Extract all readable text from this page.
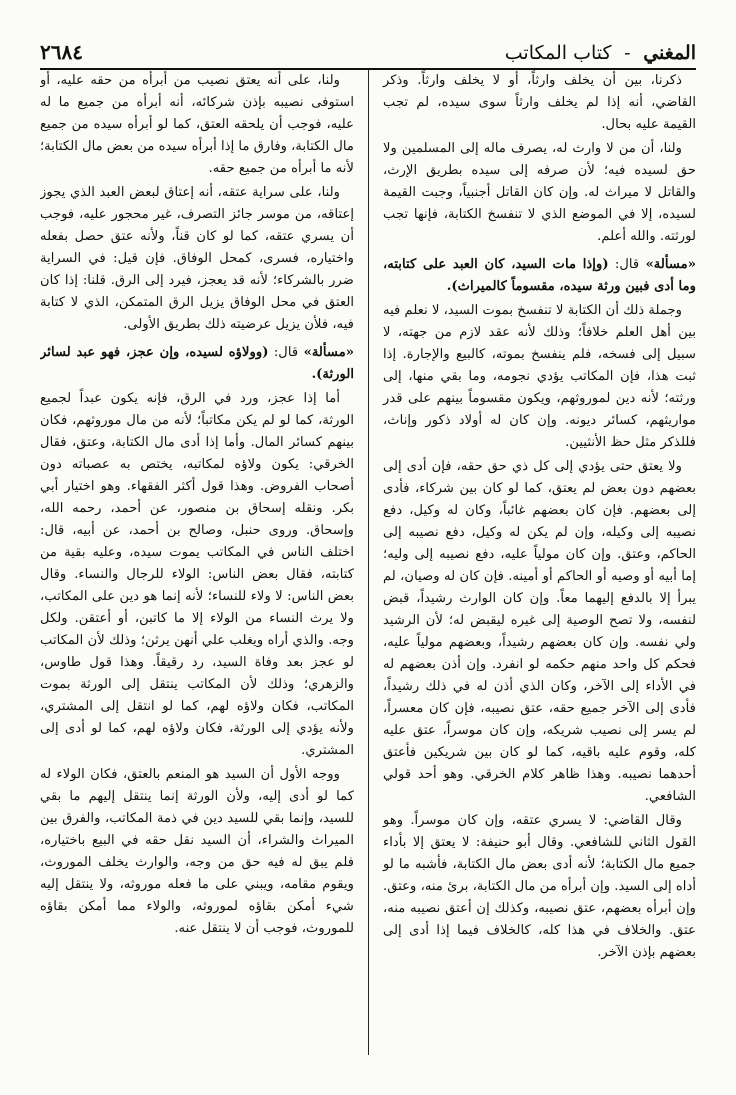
٢٦٨٤	المغني - كتاب المكاتب

ذكرنا، بين أن يخلف وارثاً، أو لا يخلف وارثاً. وذكر القاضي، أنه إذا لم يخلف وارثاً سوى سيده، لم تجب القيمة عليه بحال.

ولنا، أن من لا وارث له، يصرف ماله إلى المسلمين ولا حق لسيده فيه؛ لأن صرفه إلى سيده بطريق الإرث، والقاتل لا ميراث له. وإن كان القاتل أجنبياً، وجبت القيمة لسيده، إلا في الموضع الذي لا تنفسخ الكتابة، فإنها تجب لورثته. والله أعلم.

«مسألة» قال: (وإذا مات السيد، كان العبد على كتابته، وما أدى فبين ورثة سيده، مقسوماً كالميراث).

وجملة ذلك أن الكتابة لا تنفسخ بموت السيد، لا نعلم فيه بين أهل العلم خلافاً؛ وذلك لأنه عقد لازم من جهته، لا سبيل إلى فسخه، فلم ينفسخ بموته، كالبيع والإجارة. إذا ثبت هذا، فإن المكاتب يؤدي نجومه، وما بقي منها، إلى ورثته؛ لأنه دين لموروثهم، ويكون مقسوماً بينهم على قدر مواريثهم، كسائر ديونه. وإن كان له أولاد ذكور وإناث، فللذكر مثل حظ الأنثيين.

ولا يعتق حتى يؤدي إلى كل ذي حق حقه، فإن أدى إلى بعضهم دون بعض لم يعتق، كما لو كان بين شركاء، فأدى إلى بعضهم. فإن كان بعضهم غائباً، وكان له وكيل، دفع نصيبه إلى وكيله، وإن لم يكن له وكيل، دفع نصيبه إلى الحاكم، وعتق. وإن كان مولياً عليه، دفع نصيبه إلى وليه؛ إما أبيه أو وصيه أو الحاكم أو أمينه. فإن كان له وصيان، لم يبرأ إلا بالدفع إليهما معاً. وإن كان الوارث رشيداً، قبض لنفسه، ولا تصح الوصية إلى غيره ليقبض له؛ لأن الرشيد ولي نفسه. وإن كان بعضهم رشيداً، وبعضهم مولياً عليه، فحكم كل واحد منهم حكمه لو انفرد. وإن أذن بعضهم له في الأداء إلى الآخر، وكان الذي أذن له في ذلك رشيداً، فأدى إلى الآخر جميع حقه، عتق نصيبه، فإن كان معسراً، لم يسر إلى نصيب شريكه، وإن كان موسراً، عتق عليه كله، وقوم عليه باقيه، كما لو كان بين شريكين فأعتق أحدهما نصيبه. وهذا ظاهر كلام الخرقي. وهو أحد قولي الشافعي.

وقال القاضي: لا يسري عتقه، وإن كان موسراً. وهو القول الثاني للشافعي. وقال أبو حنيفة: لا يعتق إلا بأداء جميع مال الكتابة؛ لأنه أدى بعض مال الكتابة، فأشبه ما لو أداه إلى السيد. وإن أبرأه من مال الكتابة، برئ منه، وعتق. وإن أبرأه بعضهم، عتق نصيبه، وكذلك إن أعتق نصيبه منه، عتق. والخلاف في هذا كله، كالخلاف فيما إذا أدى إلى بعضهم بإذن الآخر.

ولنا، على أنه يعتق نصيب من أبرأه من حقه عليه، أو استوفى نصيبه بإذن شركائه، أنه أبرأه من جميع ما له عليه، فوجب أن يلحقه العتق، كما لو أبرأه سيده من جميع مال الكتابة، وفارق ما إذا أبرأه سيده من بعض مال الكتابة؛ لأنه ما أبرأه من جميع حقه.

ولنا، على سراية عتقه، أنه إعتاق لبعض العبد الذي يجوز إعتاقه، من موسر جائز التصرف، غير محجور عليه، فوجب أن يسري عتقه، كما لو كان قناً، ولأنه عتق حصل بفعله واختياره، فسرى، كمحل الوفاق. فإن قيل: في السراية ضرر بالشركاء؛ لأنه قد يعجز، فيرد إلى الرق. قلنا: إذا كان العتق في محل الوفاق يزيل الرق المتمكن، الذي لا كتابة فيه، فلأن يزيل عرضيته ذلك بطريق الأولى.

«مسألة» قال: (وولاؤه لسيده، وإن عجز، فهو عبد لسائر الورثة).

أما إذا عجز، ورد في الرق، فإنه يكون عبداً لجميع الورثة، كما لو لم يكن مكاتباً؛ لأنه من مال موروثهم، فكان بينهم كسائر المال. وأما إذا أدى مال الكتابة، وعتق، فقال الخرقي: يكون ولاؤه لمكاتبه، يختص به عصباته دون أصحاب الفروض. وهذا قول أكثر الفقهاء. وهو اختيار أبي بكر. ونقله إسحاق بن منصور، عن أحمد، رحمه الله، وإسحاق. وروى حنبل، وصالح بن أحمد، عن أبيه، قال: اختلف الناس في المكاتب يموت سيده، وعليه بقية من كتابته، فقال بعض الناس: الولاء للرجال والنساء. وقال بعض الناس: لا ولاء للنساء؛ لأنه إنما هو دين على المكاتب، ولا يرث النساء من الولاء إلا ما كاتبن، أو أعتقن. ولكل وجه. والذي أراه ويغلب علي أنهن يرثن؛ وذلك لأن المكاتب لو عجز بعد وفاة السيد، رد رقيقاً. وهذا قول طاوس، والزهري؛ وذلك لأن المكاتب ينتقل إلى الورثة بموت المكاتب، فكان ولاؤه لهم، كما لو انتقل إلى المشتري، ولأنه يؤدي إلى الورثة، فكان ولاؤه لهم، كما لو أدى إلى المشتري.

ووجه الأول أن السيد هو المنعم بالعتق، فكان الولاء له كما لو أدى إليه، ولأن الورثة إنما ينتقل إليهم ما بقي للسيد، وإنما بقي للسيد دين في ذمة المكاتب، والفرق بين الميراث والشراء، أن السيد نقل حقه في البيع باختياره، فلم يبق له فيه حق من وجه، والوارث يخلف الموروث، ويقوم مقامه، ويبني على ما فعله موروثه، ولا ينتقل إليه شيء أمكن بقاؤه لموروثه، والولاء مما أمكن بقاؤه للموروث، فوجب أن لا ينتقل عنه.
